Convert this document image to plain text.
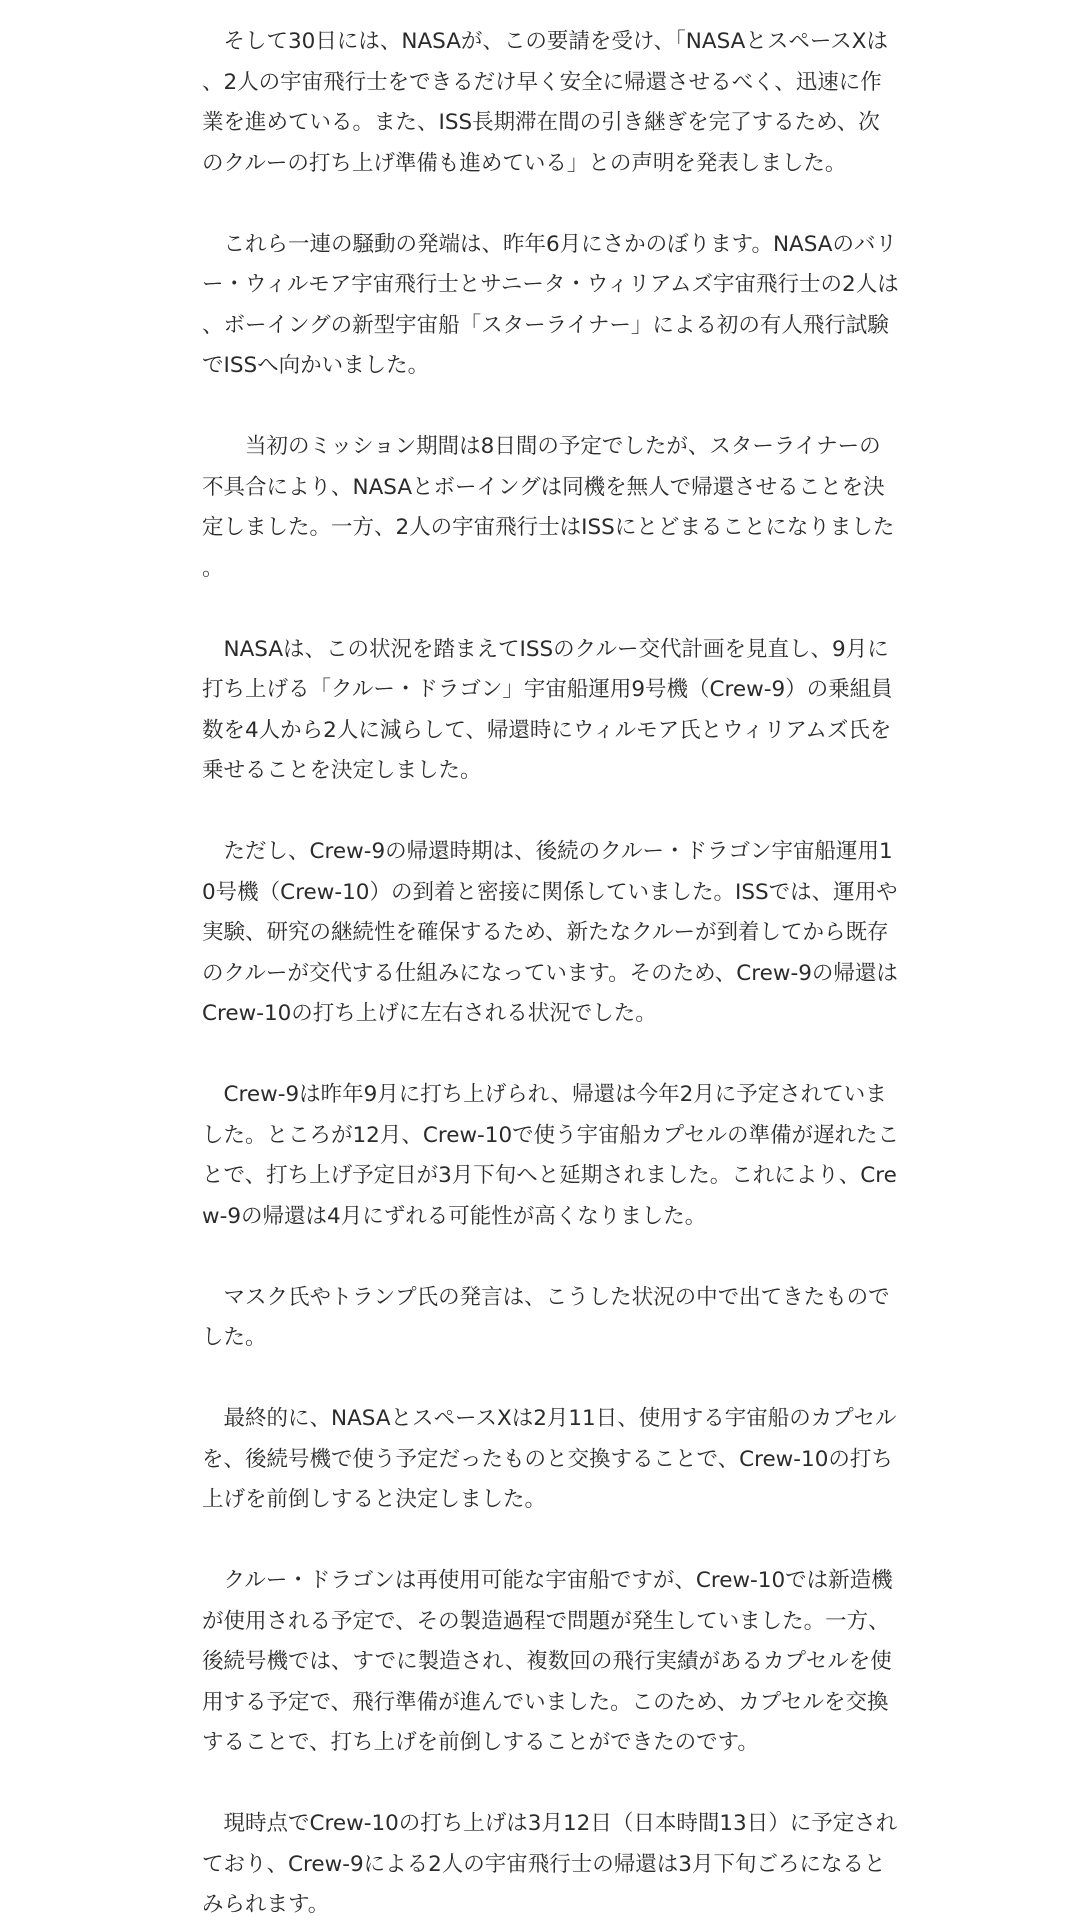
　そして30日には、NASAが、この要請を受け、「NASAとスペースXは、2人の宇宙飛行士をできるだけ早く安全に帰還させるべく、迅速に作業を進めている。また、ISS長期滞在間の引き継ぎを完了するため、次のクルーの打ち上げ準備も進めている」との声明を発表しました。

　これら一連の騒動の発端は、昨年6月にさかのぼります。NASAのバリー・ウィルモア宇宙飛行士とサニータ・ウィリアムズ宇宙飛行士の2人は、ボーイングの新型宇宙船「スターライナー」による初の有人飛行試験でISSへ向かいました。

　　当初のミッション期間は8日間の予定でしたが、スターライナーの不具合により、NASAとボーイングは同機を無人で帰還させることを決定しました。一方、2人の宇宙飛行士はISSにとどまることになりました。

　NASAは、この状況を踏まえてISSのクルー交代計画を見直し、9月に打ち上げる「クルー・ドラゴン」宇宙船運用9号機（Crew-9）の乗組員数を4人から2人に減らして、帰還時にウィルモア氏とウィリアムズ氏を乗せることを決定しました。

　ただし、Crew-9の帰還時期は、後続のクルー・ドラゴン宇宙船運用10号機（Crew-10）の到着と密接に関係していました。ISSでは、運用や実験、研究の継続性を確保するため、新たなクルーが到着してから既存のクルーが交代する仕組みになっています。そのため、Crew-9の帰還はCrew-10の打ち上げに左右される状況でした。

　Crew-9は昨年9月に打ち上げられ、帰還は今年2月に予定されていました。ところが12月、Crew-10で使う宇宙船カプセルの準備が遅れたことで、打ち上げ予定日が3月下旬へと延期されました。これにより、Crew-9の帰還は4月にずれる可能性が高くなりました。

　マスク氏やトランプ氏の発言は、こうした状況の中で出てきたものでした。

　最終的に、NASAとスペースXは2月11日、使用する宇宙船のカプセルを、後続号機で使う予定だったものと交換することで、Crew-10の打ち上げを前倒しすると決定しました。

　クルー・ドラゴンは再使用可能な宇宙船ですが、Crew-10では新造機が使用される予定で、その製造過程で問題が発生していました。一方、後続号機では、すでに製造され、複数回の飛行実績があるカプセルを使用する予定で、飛行準備が進んでいました。このため、カプセルを交換することで、打ち上げを前倒しすることができたのです。

　現時点でCrew-10の打ち上げは3月12日（日本時間13日）に予定されており、Crew-9による2人の宇宙飛行士の帰還は3月下旬ごろになるとみられます。
